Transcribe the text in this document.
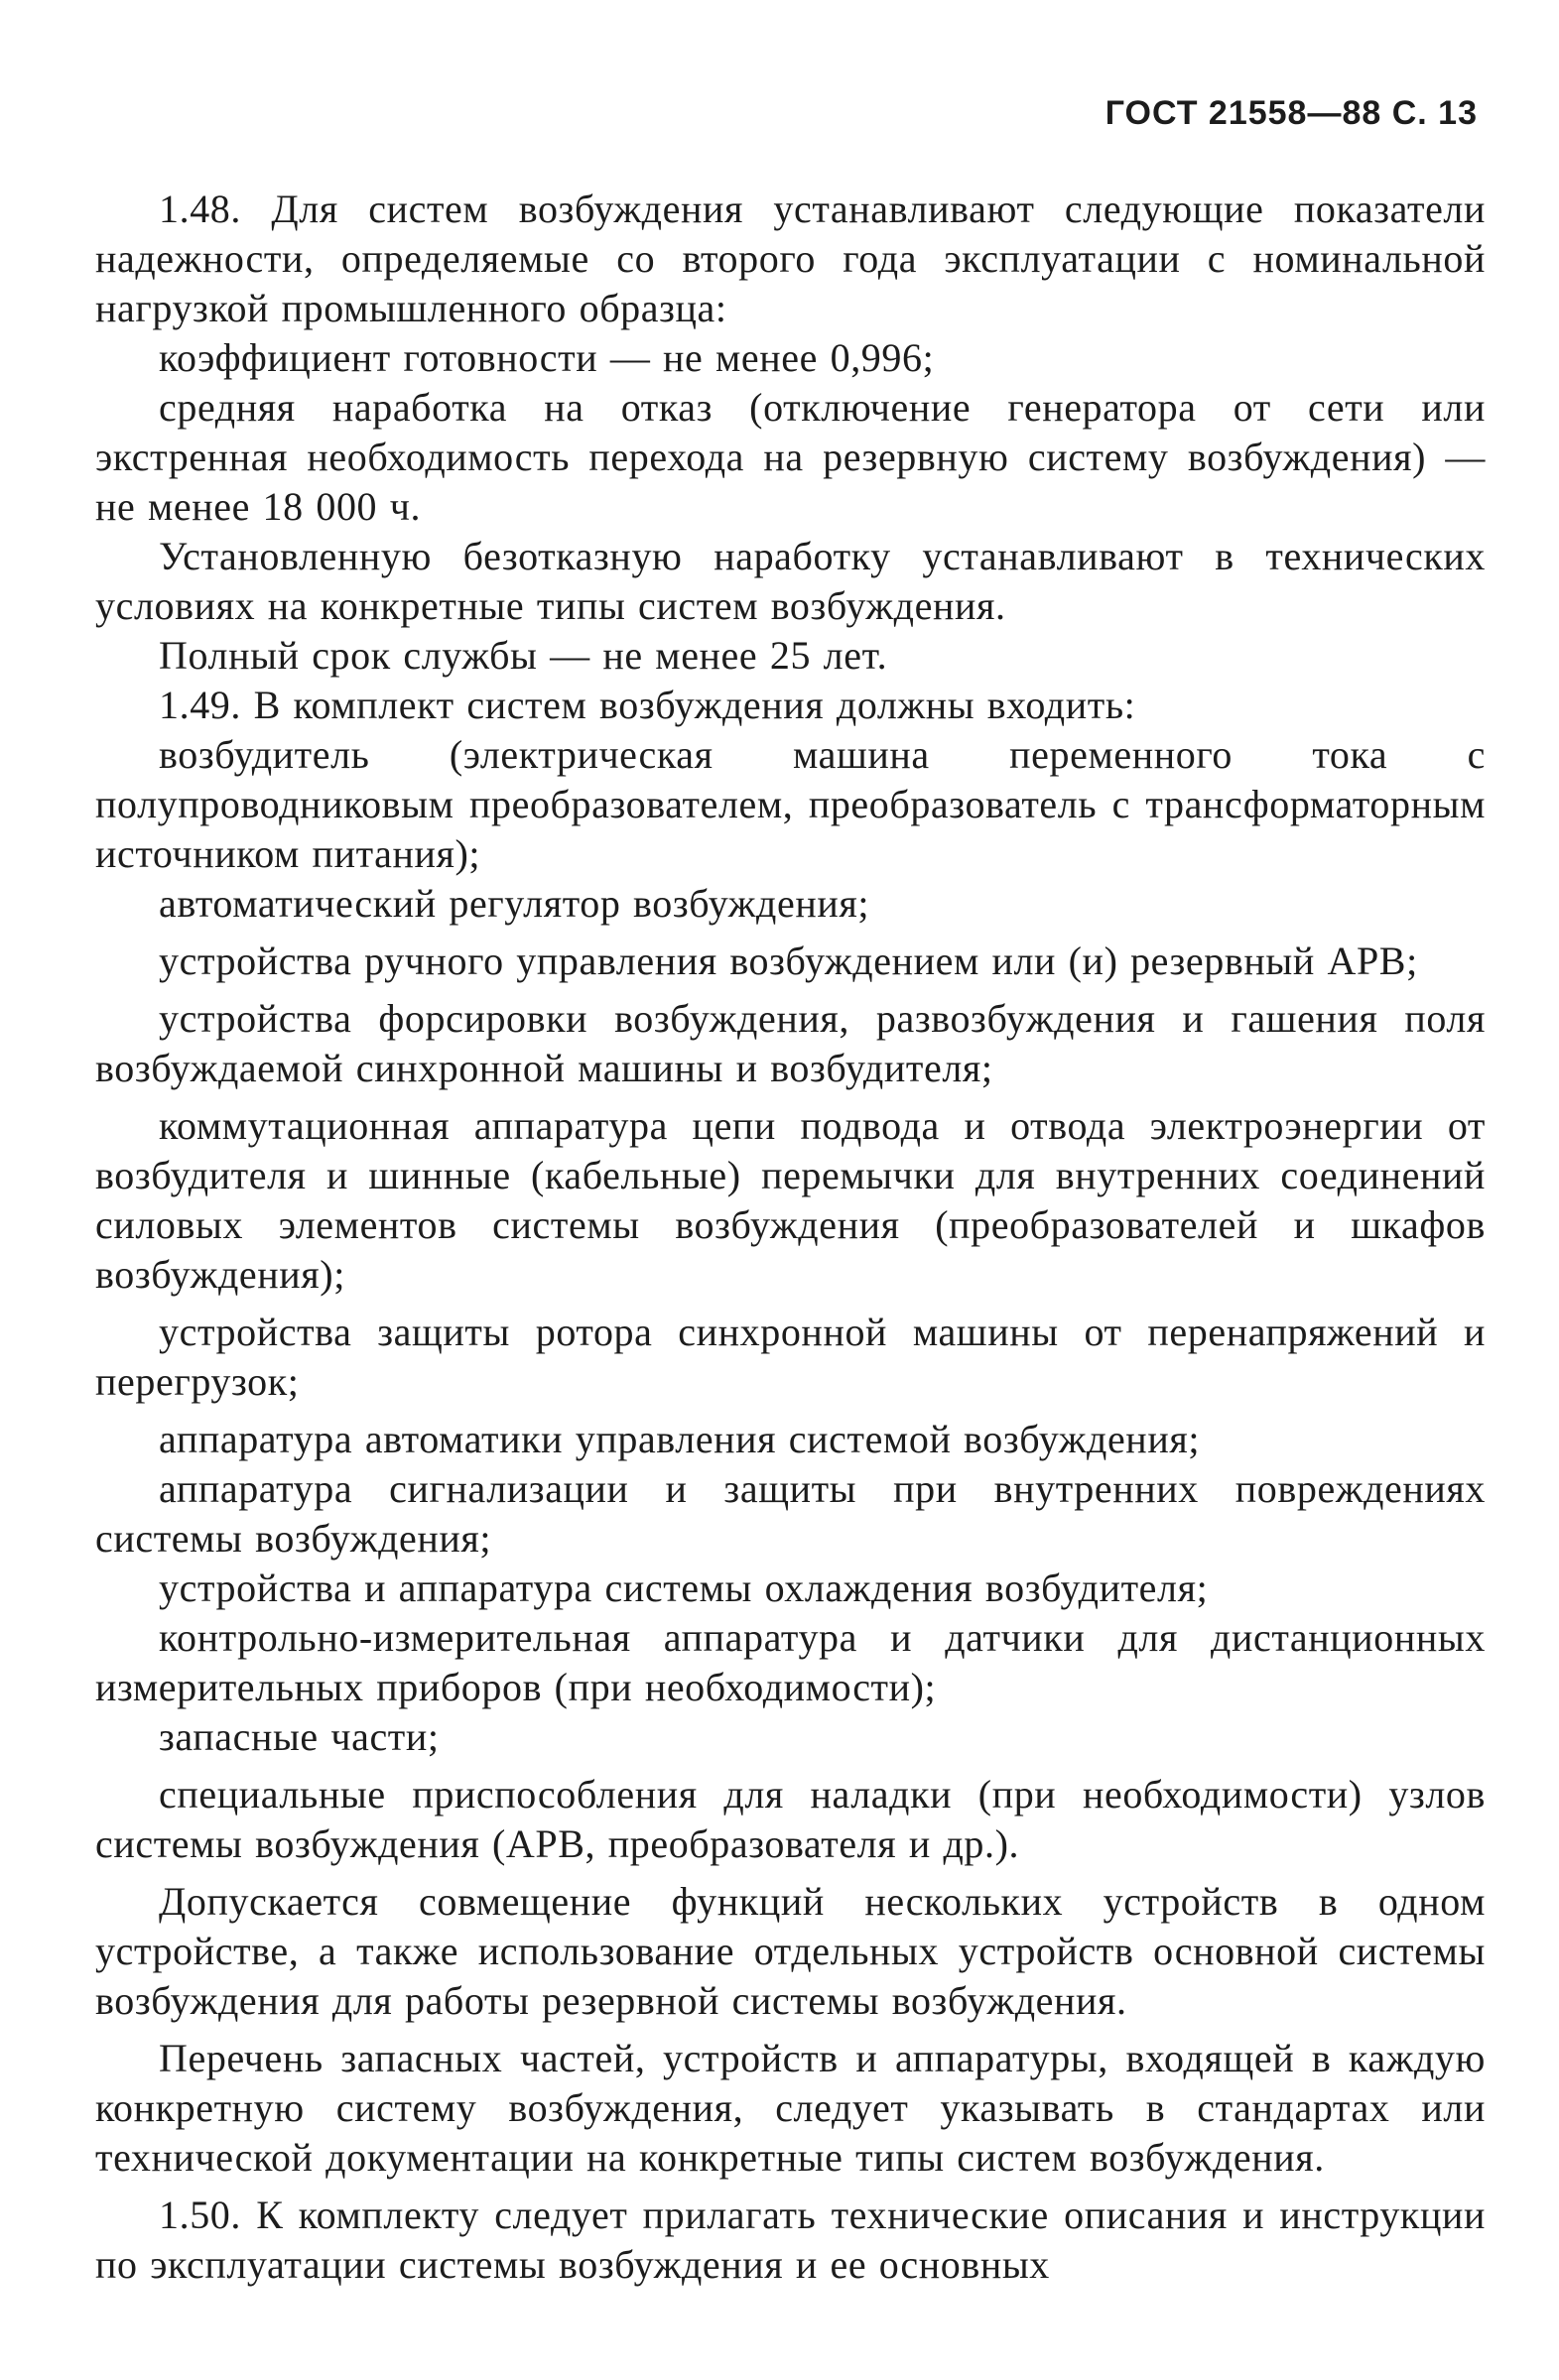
ГОСТ 21558—88 С. 13

1.48. Для систем возбуждения устанавливают следующие показатели надежности, определяемые со второго года эксплуатации с номинальной нагрузкой промышленного образца:

коэффициент готовности — не менее 0,996;

средняя наработка на отказ (отключение генератора от сети или экстренная необходимость перехода на резервную систему возбуждения) — не менее 18 000 ч.

Установленную безотказную наработку устанавливают в технических условиях на конкретные типы систем возбуждения.

Полный срок службы — не менее 25 лет.

1.49. В комплект систем возбуждения должны входить:

возбудитель (электрическая машина переменного тока с полупроводниковым преобразователем, преобразователь с трансформаторным источником питания);

автоматический регулятор возбуждения;

устройства ручного управления возбуждением или (и) резервный АРВ;

устройства форсировки возбуждения, развозбуждения и гашения поля возбуждаемой синхронной машины и возбудителя;

коммутационная аппаратура цепи подвода и отвода электроэнергии от возбудителя и шинные (кабельные) перемычки для внутренних соединений силовых элементов системы возбуждения (преобразователей и шкафов возбуждения);

устройства защиты ротора синхронной машины от перенапряжений и перегрузок;

аппаратура автоматики управления системой возбуждения;

аппаратура сигнализации и защиты при внутренних повреждениях системы возбуждения;

устройства и аппаратура системы охлаждения возбудителя;

контрольно-измерительная аппаратура и датчики для дистанционных измерительных приборов (при необходимости);

запасные части;

специальные приспособления для наладки (при необходимости) узлов системы возбуждения (АРВ, преобразователя и др.).

Допускается совмещение функций нескольких устройств в одном устройстве, а также использование отдельных устройств основной системы возбуждения для работы резервной системы возбуждения.

Перечень запасных частей, устройств и аппаратуры, входящей в каждую конкретную систему возбуждения, следует указывать в стандартах или технической документации на конкретные типы систем возбуждения.

1.50. К комплекту следует прилагать технические описания и инструкции по эксплуатации системы возбуждения и ее основных
